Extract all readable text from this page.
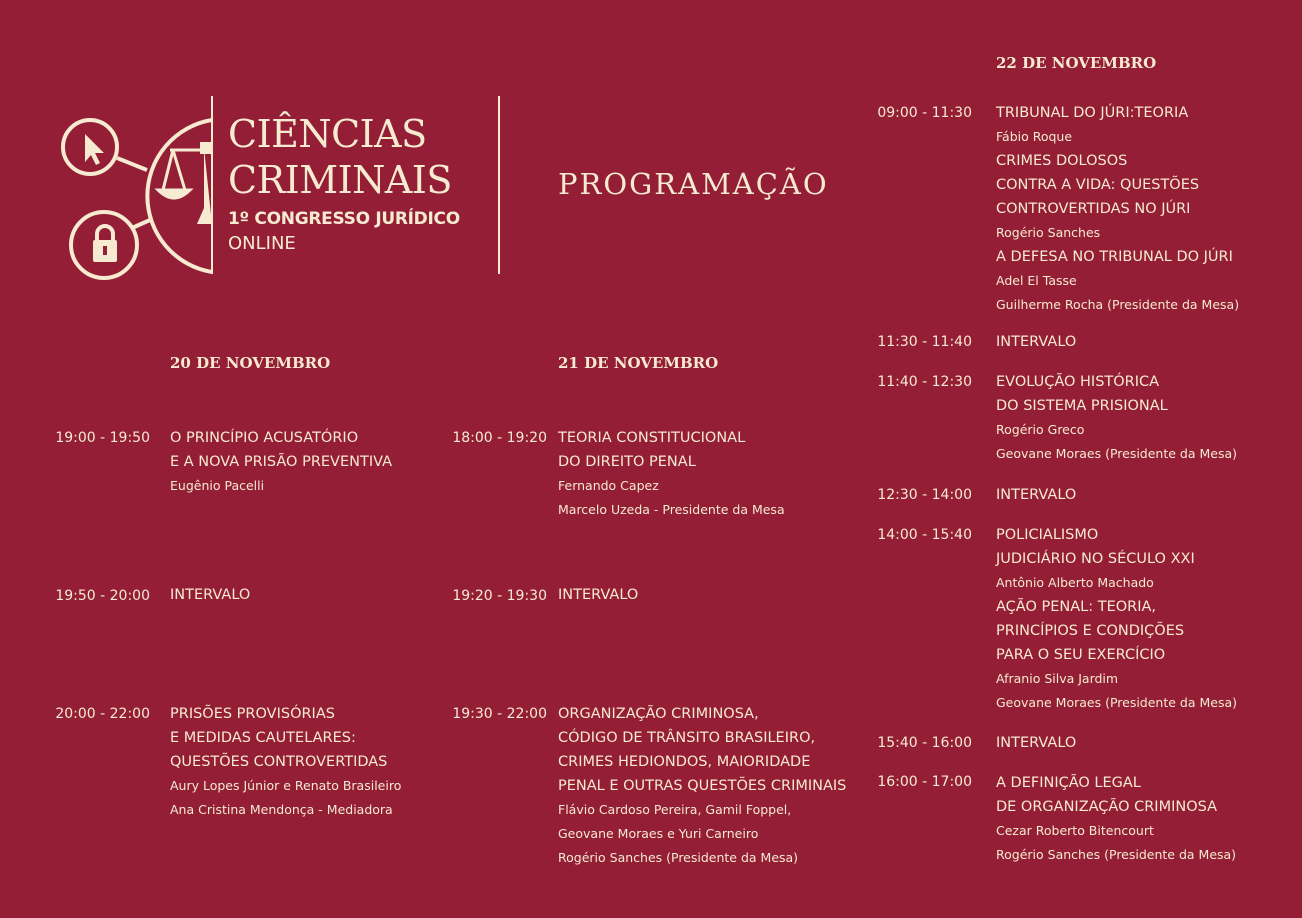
CIÊNCIAS
CRIMINAIS
1º CONGRESSO JURÍDICO
ONLINE
PROGRAMAÇÃO
20 DE NOVEMBRO
19:00 - 19:50 O PRINCÍPIO ACUSATÓRIO
E A NOVA PRISÃO PREVENTIVA
Eugênio Pacelli
19:50 - 20:00 INTERVALO
20:00 - 22:00 PRISÕES PROVISÓRIAS
E MEDIDAS CAUTELARES:
QUESTÕES CONTROVERTIDAS
Aury Lopes Júnior e Renato Brasileiro
Ana Cristina Mendonça - Mediadora
21 DE NOVEMBRO
18:00 - 19:20 TEORIA CONSTITUCIONAL
DO DIREITO PENAL
Fernando Capez
Marcelo Uzeda - Presidente da Mesa
19:20 - 19:30 INTERVALO
19:30 - 22:00 ORGANIZAÇÃO CRIMINOSA,
CÓDIGO DE TRÂNSITO BRASILEIRO,
CRIMES HEDIONDOS, MAIORIDADE
PENAL E OUTRAS QUESTÕES CRIMINAIS
Flávio Cardoso Pereira, Gamil Foppel,
Geovane Moraes e Yuri Carneiro
Rogério Sanches (Presidente da Mesa)
22 DE NOVEMBRO
09:00 - 11:30 TRIBUNAL DO JÚRI:TEORIA
Fábio Roque
CRIMES DOLOSOS
CONTRA A VIDA: QUESTÕES
CONTROVERTIDAS NO JÚRI
Rogério Sanches
A DEFESA NO TRIBUNAL DO JÚRI
Adel El Tasse
Guilherme Rocha (Presidente da Mesa)
11:30 - 11:40 INTERVALO
11:40 - 12:30 EVOLUÇÃO HISTÓRICA
DO SISTEMA PRISIONAL
Rogério Greco
Geovane Moraes (Presidente da Mesa)
12:30 - 14:00 INTERVALO
14:00 - 15:40 POLICIALISMO
JUDICIÁRIO NO SÉCULO XXI
Antônio Alberto Machado
AÇÃO PENAL: TEORIA,
PRINCÍPIOS E CONDIÇÕES
PARA O SEU EXERCÍCIO
Afranio Silva Jardim
Geovane Moraes (Presidente da Mesa)
15:40 - 16:00 INTERVALO
16:00 - 17:00 A DEFINIÇÃO LEGAL
DE ORGANIZAÇÃO CRIMINOSA
Cezar Roberto Bitencourt
Rogério Sanches (Presidente da Mesa)
